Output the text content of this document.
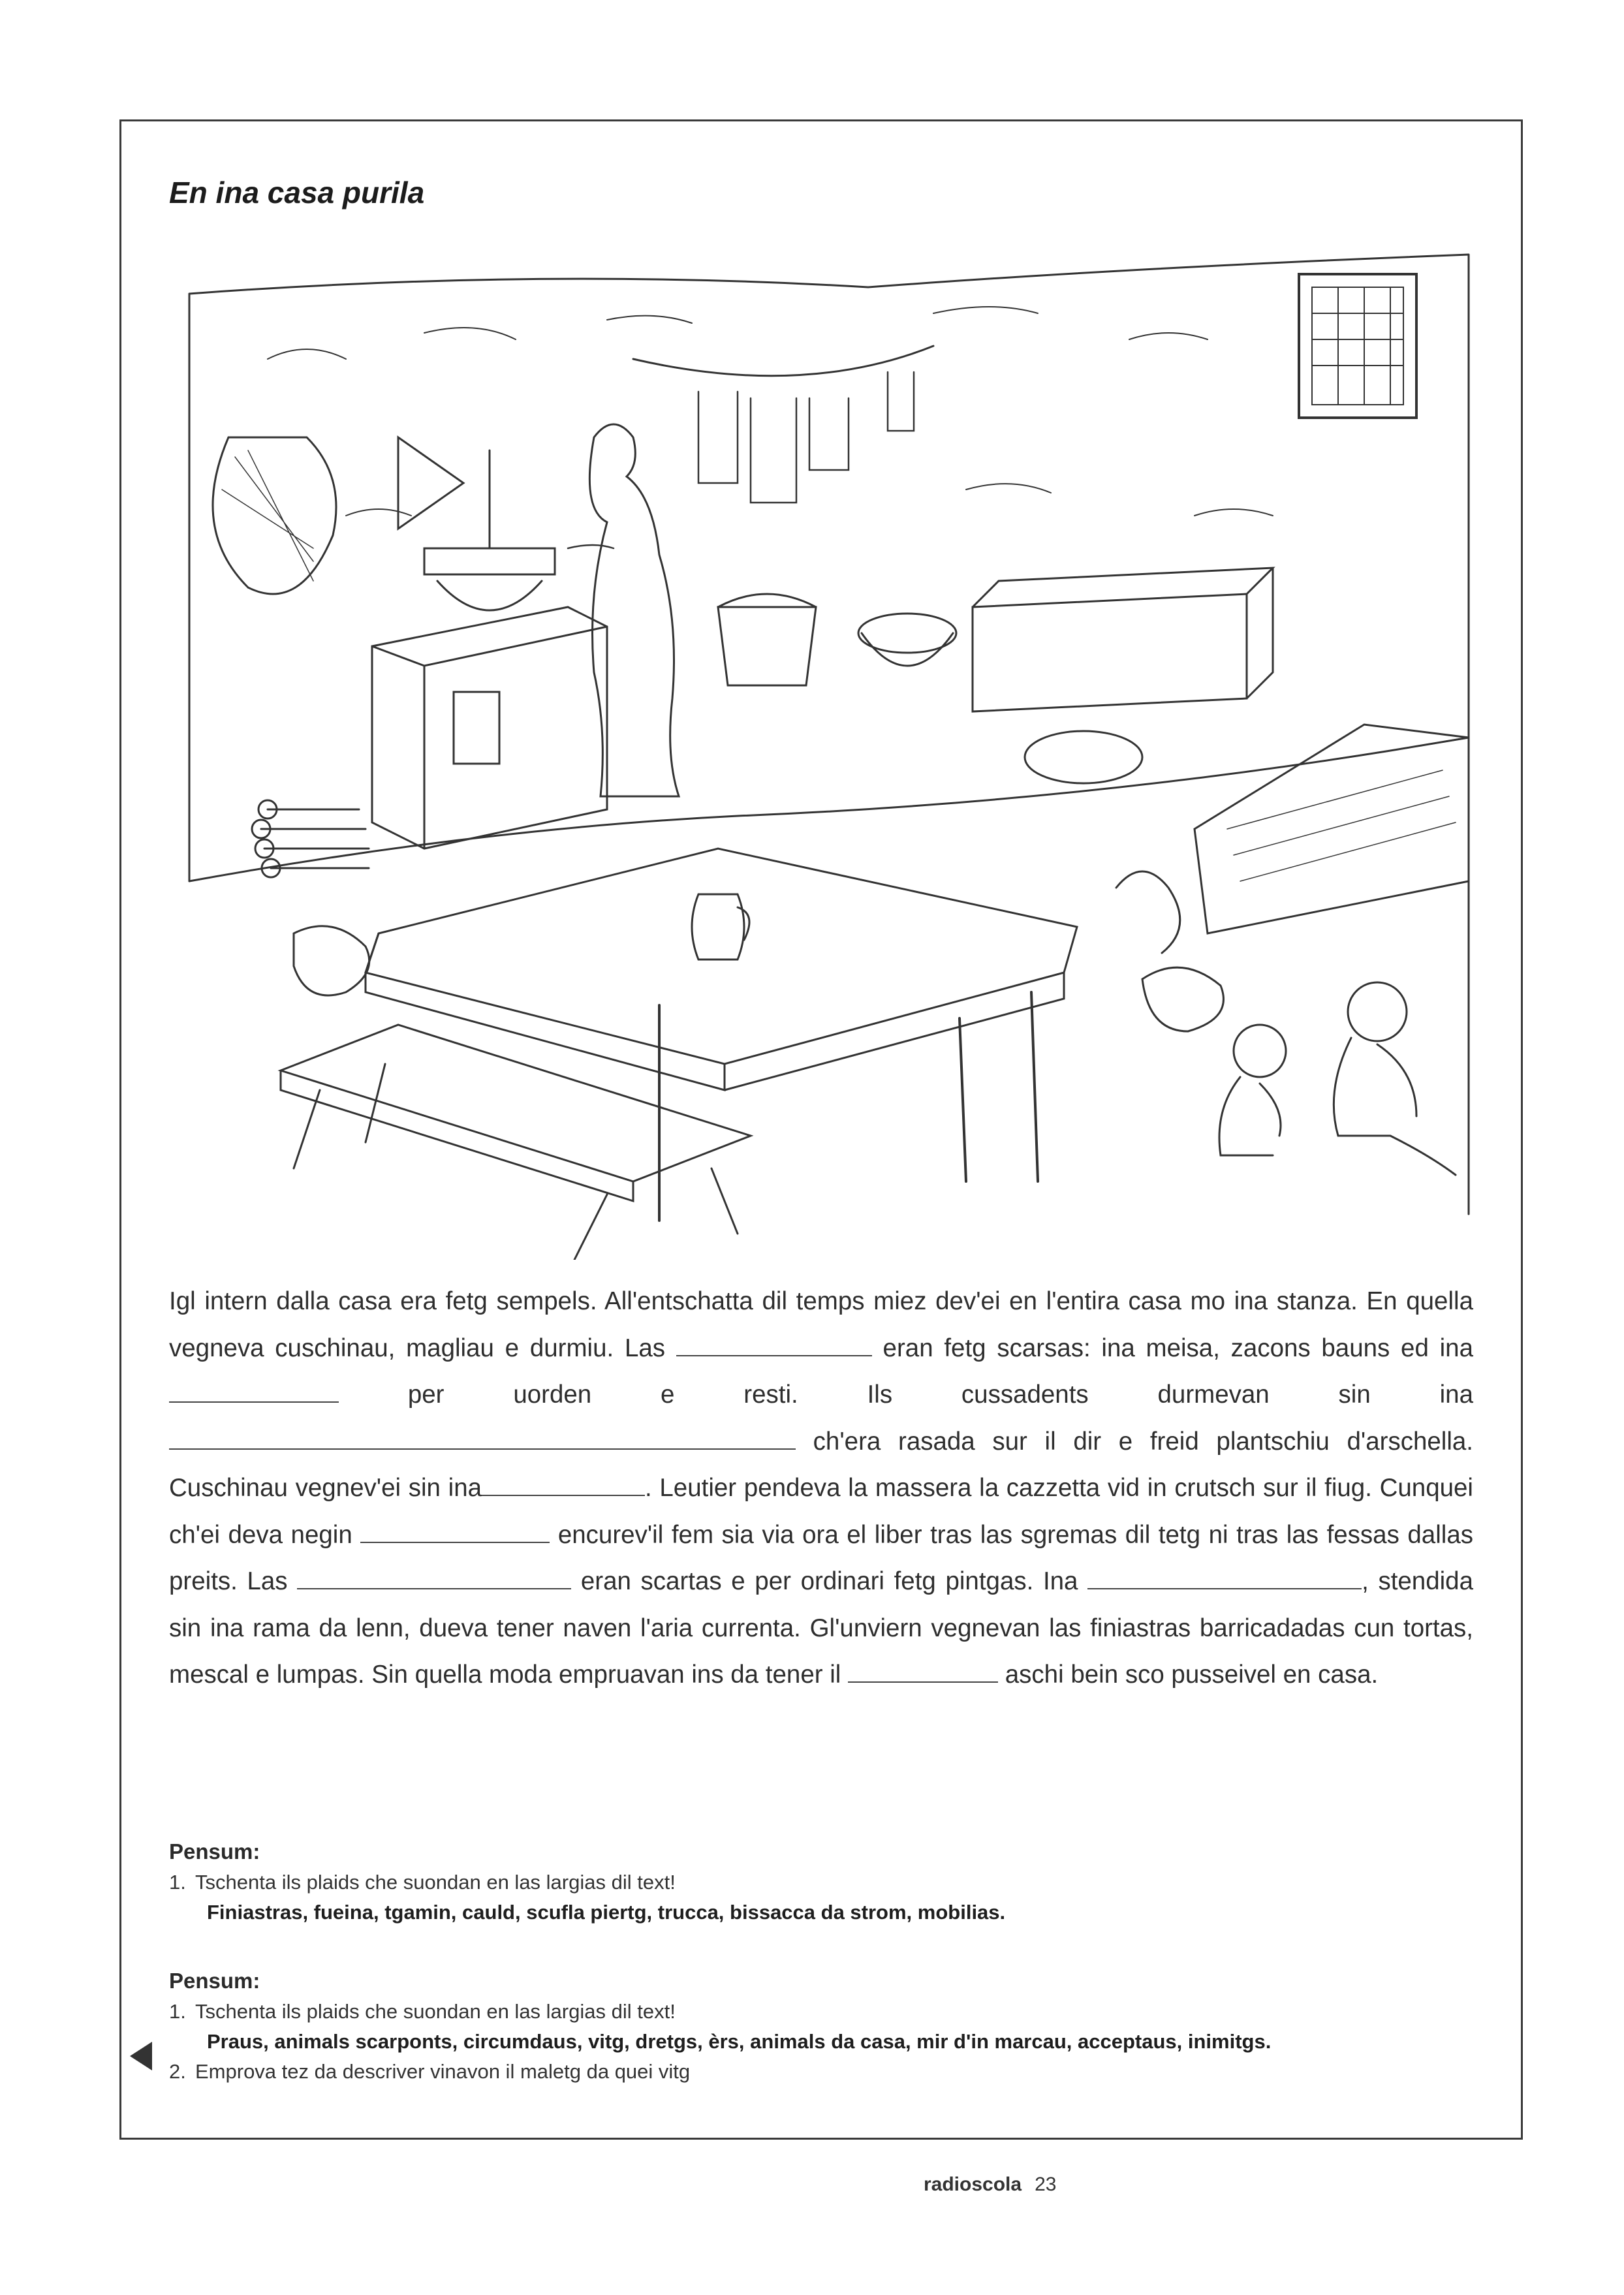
En ina casa purila

Igl intern dalla casa era fetg sempels. All'entschatta dil temps miez dev'ei en l'entira casa mo ina stanza. En quella vegneva cuschinau, magliau e durmiu. Las	eran fetg scarsas: ina meisa, zacons bauns ed ina  per uorden e resti. Ils cussadents durmevan sin ina  ch'era rasada sur il dir e freid plantschiu d'arschella. Cuschinau vegnev'ei sin ina	. Leutier pendeva la massera la cazzetta vid in crutsch sur il fiug. Cunquei ch'ei deva negin	encurev'il fem sia via ora el liber tras las sgremas dil tetg ni tras las fessas dallas preits. Las	eran scartas e per ordinari fetg pintgas. Ina	, stendida sin ina rama da lenn, dueva tener naven l'aria currenta. Gl'unviern vegnevan las finiastras barricadadas cun tortas, mescal e lumpas. Sin quella moda empruavan ins da tener il	aschi bein sco pusseivel en casa.

Pensum:
1. Tschenta ils plaids che suondan en las largias dil text!
Finiastras, fueina, tgamin, cauld, scufla piertg, trucca, bissacca da strom, mobilias.
Pensum:
1. Tschenta ils plaids che suondan en las largias dil text!
Praus, animals scarponts, circumdaus, vitg, dretgs, èrs, animals da casa, mir d'in marcau, acceptaus, inimitgs.
2. Emprova tez da descriver vinavon il maletg da quei vitg
radioscola 23
